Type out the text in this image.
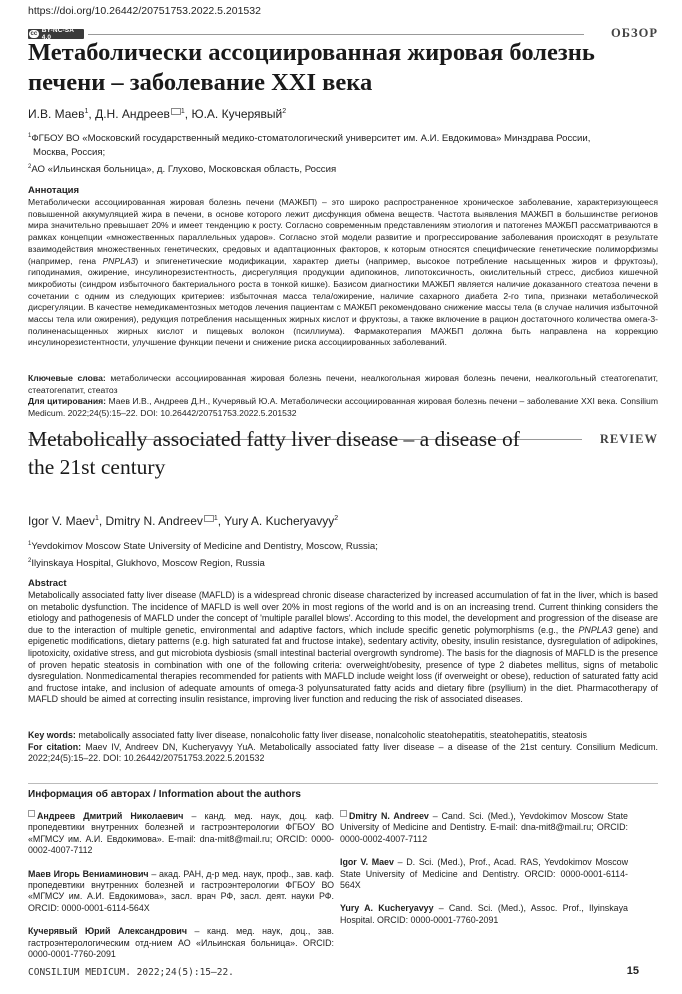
https://doi.org/10.26442/20751753.2022.5.201532
cc BY-NC-SA 4.0	ОБЗОР
Метаболически ассоциированная жировая болезнь печени – заболевание XXI века
И.В. Маев$^1$, Д.Н. Андреев $^1$, Ю.А. Кучерявый$^2$

$^1$ФГБОУ ВО «Московский государственный медико-стоматологический университет им. А.И. Евдокимова» Минздрава России,

Москва, Россия;

$^2$АО «Ильинская больница», д. Глухово, Московская область, Россия

Аннотация

Метаболически ассоциированная жировая болезнь печени (МАЖБП) – это широко распространенное хроническое заболевание, характеризующееся повышенной аккумуляцией жира в печени, в основе которого лежит дисфункция обмена веществ. Частота выявления МАЖБП в большинстве регионов мира значительно превышает 20% и имеет тенденцию к росту. Согласно современным представлениям этиология и патогенез МАЖБП рассматриваются в рамках концепции «множественных параллельных ударов». Согласно этой модели развитие и прогрессирование заболевания происходят в результате взаимодействия множественных генетических, средовых и адаптационных факторов, к которым относятся специфические генетические полиморфизмы (например, гена PNPLA3) и эпигенетические модификации, характер диеты (например, высокое потребление насыщенных жиров и фруктозы), гиподинамия, ожирение, инсулинорезистентность, дисрегуляция продукции адипокинов, липотоксичность, окислительный стресс, дисбиоз кишечной микробиоты (синдром избыточного бактериального роста в тонкой кишке). Базисом диагностики МАЖБП является наличие доказанного стеатоза печени в сочетании с одним из следующих критериев: избыточная масса тела/ожирение, наличие сахарного диабета 2-го типа, признаки метаболической дисрегуляции. В качестве немедикаментозных методов лечения пациентам с МАЖБП рекомендовано снижение массы тела (в случае наличия избыточной массы тела или ожирения), редукция потребления насыщенных жирных кислот и фруктозы, а также включение в рацион достаточного количества омега-3-полиненасыщенных жирных кислот и пищевых волокон (псиллиума). Фармакотерапия МАЖБП должна быть направлена на коррекцию инсулинорезистентности, улучшение функции печени и снижение риска ассоциированных заболеваний.

Ключевые слова: метаболически ассоциированная жировая болезнь печени, неалкогольная жировая болезнь печени, неалкогольный стеатогепатит, стеатогепатит, стеатоз

Для цитирования: Маев И.В., Андреев Д.Н., Кучерявый Ю.А. Метаболически ассоциированная жировая болезнь печени – заболевание XXI века. Consilium Medicum. 2022;24(5):15–22. DOI: 10.26442/20751753.2022.5.201532

REVIEW
Metabolically associated fatty liver disease – a disease of the 21st century
Igor V. Maev$^1$, Dmitry N. Andreev $^1$, Yury A. Kucheryavyy$^2$

$^1$Yevdokimov Moscow State University of Medicine and Dentistry, Moscow, Russia;

$^2$Ilyinskaya Hospital, Glukhovo, Moscow Region, Russia

Abstract

Metabolically associated fatty liver disease (MAFLD) is a widespread chronic disease characterized by increased accumulation of fat in the liver, which is based on metabolic dysfunction. The incidence of MAFLD is well over 20% in most regions of the world and is on an increasing trend. Current thinking considers the etiology and pathogenesis of MAFLD under the concept of 'multiple parallel blows'. According to this model, the development and progression of the disease are due to the interaction of multiple genetic, environmental and adaptive factors, which include specific genetic polymorphisms (e.g., the PNPLA3 gene) and epigenetic modifications, dietary patterns (e.g. high saturated fat and fructose intake), sedentary activity, obesity, insulin resistance, dysregulation of adipokines, lipotoxicity, oxidative stress, and gut microbiota dysbiosis (small intestinal bacterial overgrowth syndrome). The basis for the diagnosis of MAFLD is the presence of proven hepatic steatosis in combination with one of the following criteria: overweight/obesity, presence of type 2 diabetes mellitus, signs of metabolic dysregulation. Nonmedicamental therapies recommended for patients with MAFLD include weight loss (if overweight or obese), reduction of saturated fatty acid and fructose intake, and inclusion of adequate amounts of omega-3 polyunsaturated fatty acids and dietary fibre (psyllium) in the diet. Pharmacotherapy of MAFLD should be aimed at correcting insulin resistance, improving liver function and reducing the risk of associated diseases.

Key words: metabolically associated fatty liver disease, nonalcoholic fatty liver disease, nonalcoholic steatohepatitis, steatohepatitis, steatosis

For citation: Maev IV, Andreev DN, Kucheryavyy YuA. Metabolically associated fatty liver disease – a disease of the 21st century. Consilium Medicum. 2022;24(5):15–22. DOI: 10.26442/20751753.2022.5.201532

Информация об авторах / Information about the authors

Андреев Дмитрий Николаевич – канд. мед. наук, доц. каф. пропедевтики внутренних болезней и гастроэнтерологии ФГБОУ ВО «МГМСУ им. А.И. Евдокимова». E-mail: dna-mit8@mail.ru; ORCID: 0000-0002-4007-7112

Маев Игорь Вениаминович – акад. РАН, д-р мед. наук, проф., зав. каф. пропедевтики внутренних болезней и гастроэнтерологии ФГБОУ ВО «МГМСУ им. А.И. Евдокимова», засл. врач РФ, засл. деят. науки РФ. ORCID: 0000-0001-6114-564X

Кучерявый Юрий Александрович – канд. мед. наук, доц., зав. гастроэнтерологическим отд-нием АО «Ильинская больница». ORCID: 0000-0001-7760-2091

Dmitry N. Andreev – Cand. Sci. (Med.), Yevdokimov Moscow State University of Medicine and Dentistry. E-mail: dna-mit8@mail.ru; ORCID: 0000-0002-4007-7112

Igor V. Maev – D. Sci. (Med.), Prof., Acad. RAS, Yevdokimov Moscow State University of Medicine and Dentistry. ORCID: 0000-0001-6114-564X

Yury A. Kucheryavyy – Cand. Sci. (Med.), Assoc. Prof., Ilyinskaya Hospital. ORCID: 0000-0001-7760-2091

CONSILIUM MEDICUM. 2022;24(5):15–22.	15
